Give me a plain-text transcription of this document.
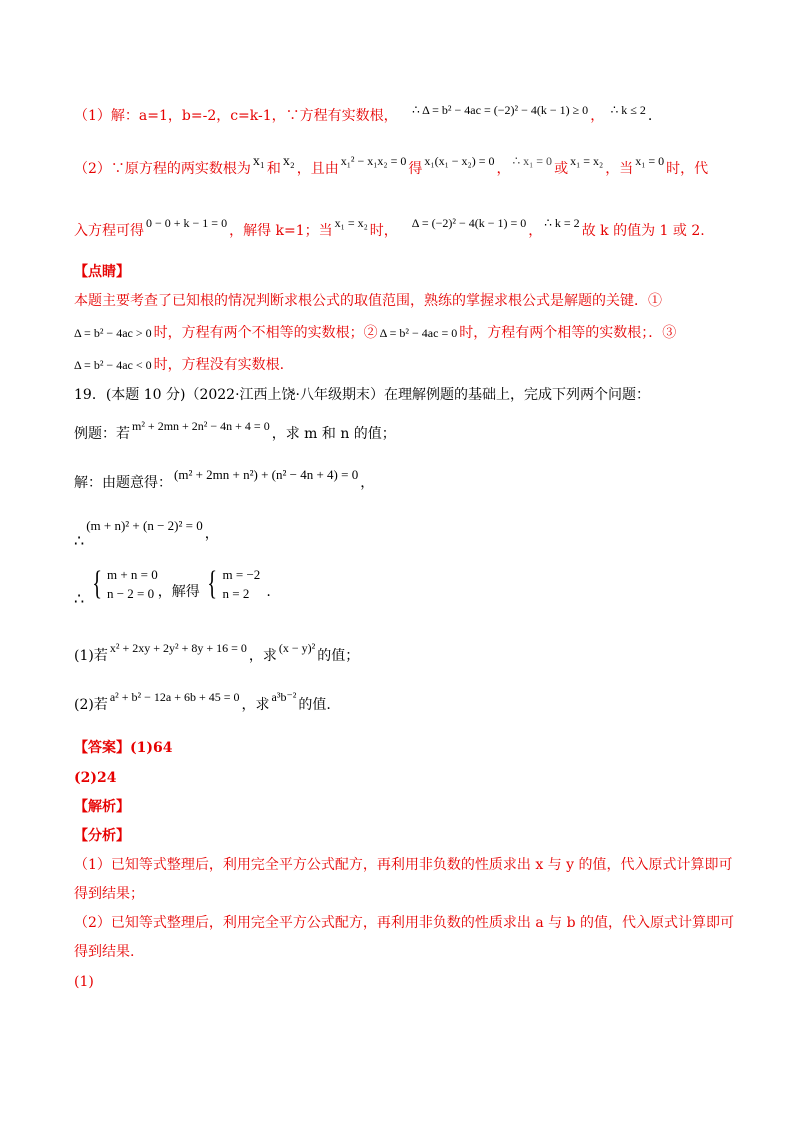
（1）解：a=1，b=-2，c=k-1，∵方程有实数根， ∴ Δ = b² − 4ac = (−2)² − 4(k − 1) ≥ 0 ， ∴ k ≤ 2 .
（2）∵原方程的两实数根为 x₁ 和 x₂ ，且由 x₁² − x₁x₂ = 0 得 x₁(x₁ − x₂) = 0 ， ∴ x₁ = 0 或 x₁ = x₂ ，当 x₁ = 0 时，代
入方程可得 0 − 0 + k − 1 = 0 ，解得 k=1；当 x₁ = x₂ 时， Δ = (−2)² − 4(k − 1) = 0 ， ∴ k = 2 故 k 的值为 1 或 2.
【点睛】
本题主要考查了已知根的情况判断求根公式的取值范围，熟练的掌握求根公式是解题的关键．①
Δ = b² − 4ac > 0 时，方程有两个不相等的实数根；② Δ = b² − 4ac = 0 时，方程有两个相等的实数根；．③
Δ = b² − 4ac < 0 时，方程没有实数根.
19．(本题 10 分)（2022·江西上饶·八年级期末）在理解例题的基础上，完成下列两个问题：
例题：若 m² + 2mn + 2n² − 4n + 4 = 0 ，求 m 和 n 的值；
解：由题意得：(m² + 2mn + n²) + (n² − 4n + 4) = 0，
∴(m + n)² + (n − 2)² = 0，
∴ { m + n = 0
n − 2 = 0 ，解得 { m = −2
n = 2	.
(1)若 x² + 2xy + 2y² + 8y + 16 = 0 ，求 (x − y)² 的值；
(2)若 a² + b² − 12a + 6b + 45 = 0 ，求 a³b⁻² 的值.
【答案】(1)64
(2)24
【解析】
【分析】
（1）已知等式整理后，利用完全平方公式配方，再利用非负数的性质求出 x 与 y 的值，代入原式计算即可
得到结果；
（2）已知等式整理后，利用完全平方公式配方，再利用非负数的性质求出 a 与 b 的值，代入原式计算即可
得到结果.
(1)
